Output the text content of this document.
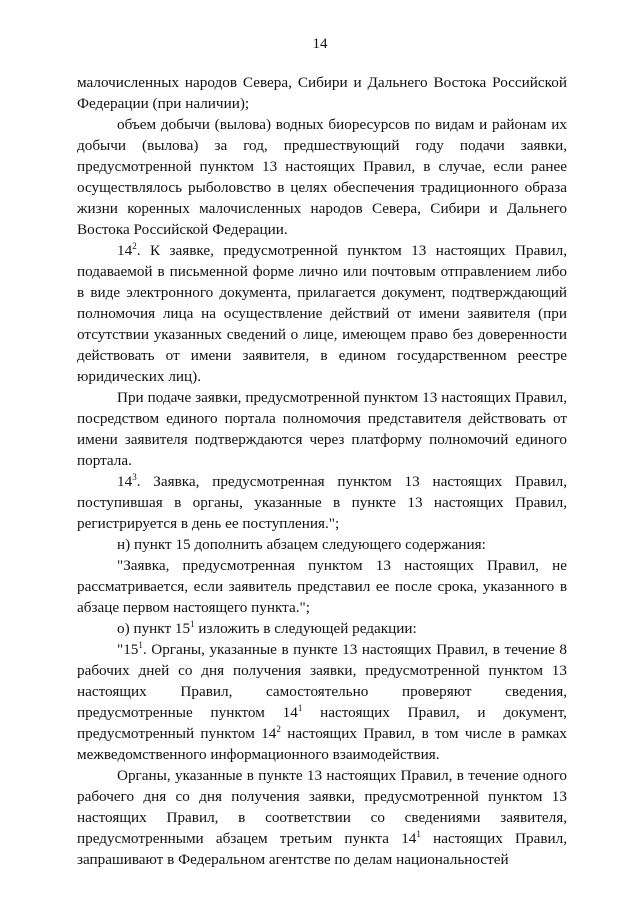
14

малочисленных народов Севера, Сибири и Дальнего Востока Российской Федерации (при наличии);

объем добычи (вылова) водных биоресурсов по видам и районам их добычи (вылова) за год, предшествующий году подачи заявки, предусмотренной пунктом 13 настоящих Правил, в случае, если ранее осуществлялось рыболовство в целях обеспечения традиционного образа жизни коренных малочисленных народов Севера, Сибири и Дальнего Востока Российской Федерации.

$14^2$. К заявке, предусмотренной пунктом 13 настоящих Правил, подаваемой в письменной форме лично или почтовым отправлением либо в виде электронного документа, прилагается документ, подтверждающий полномочия лица на осуществление действий от имени заявителя (при отсутствии указанных сведений о лице, имеющем право без доверенности действовать от имени заявителя, в едином государственном реестре юридических лиц).

При подаче заявки, предусмотренной пунктом 13 настоящих Правил, посредством единого портала полномочия представителя действовать от имени заявителя подтверждаются через платформу полномочий единого портала.

$14^3$. Заявка, предусмотренная пунктом 13 настоящих Правил, поступившая в органы, указанные в пункте 13 настоящих Правил, регистрируется в день ее поступления.";

н) пункт 15 дополнить абзацем следующего содержания:

"Заявка, предусмотренная пунктом 13 настоящих Правил, не рассматривается, если заявитель представил ее после срока, указанного в абзаце первом настоящего пункта.";

о) пункт $15^1$ изложить в следующей редакции:

"$15^1$. Органы, указанные в пункте 13 настоящих Правил, в течение 8 рабочих дней со дня получения заявки, предусмотренной пунктом 13 настоящих Правил, самостоятельно проверяют сведения, предусмотренные пунктом $14^1$ настоящих Правил, и документ, предусмотренный пунктом $14^2$ настоящих Правил, в том числе в рамках межведомственного информационного взаимодействия.

Органы, указанные в пункте 13 настоящих Правил, в течение одного рабочего дня со дня получения заявки, предусмотренной пунктом 13 настоящих Правил, в соответствии со сведениями заявителя, предусмотренными абзацем третьим пункта $14^1$ настоящих Правил, запрашивают в Федеральном агентстве по делам национальностей
